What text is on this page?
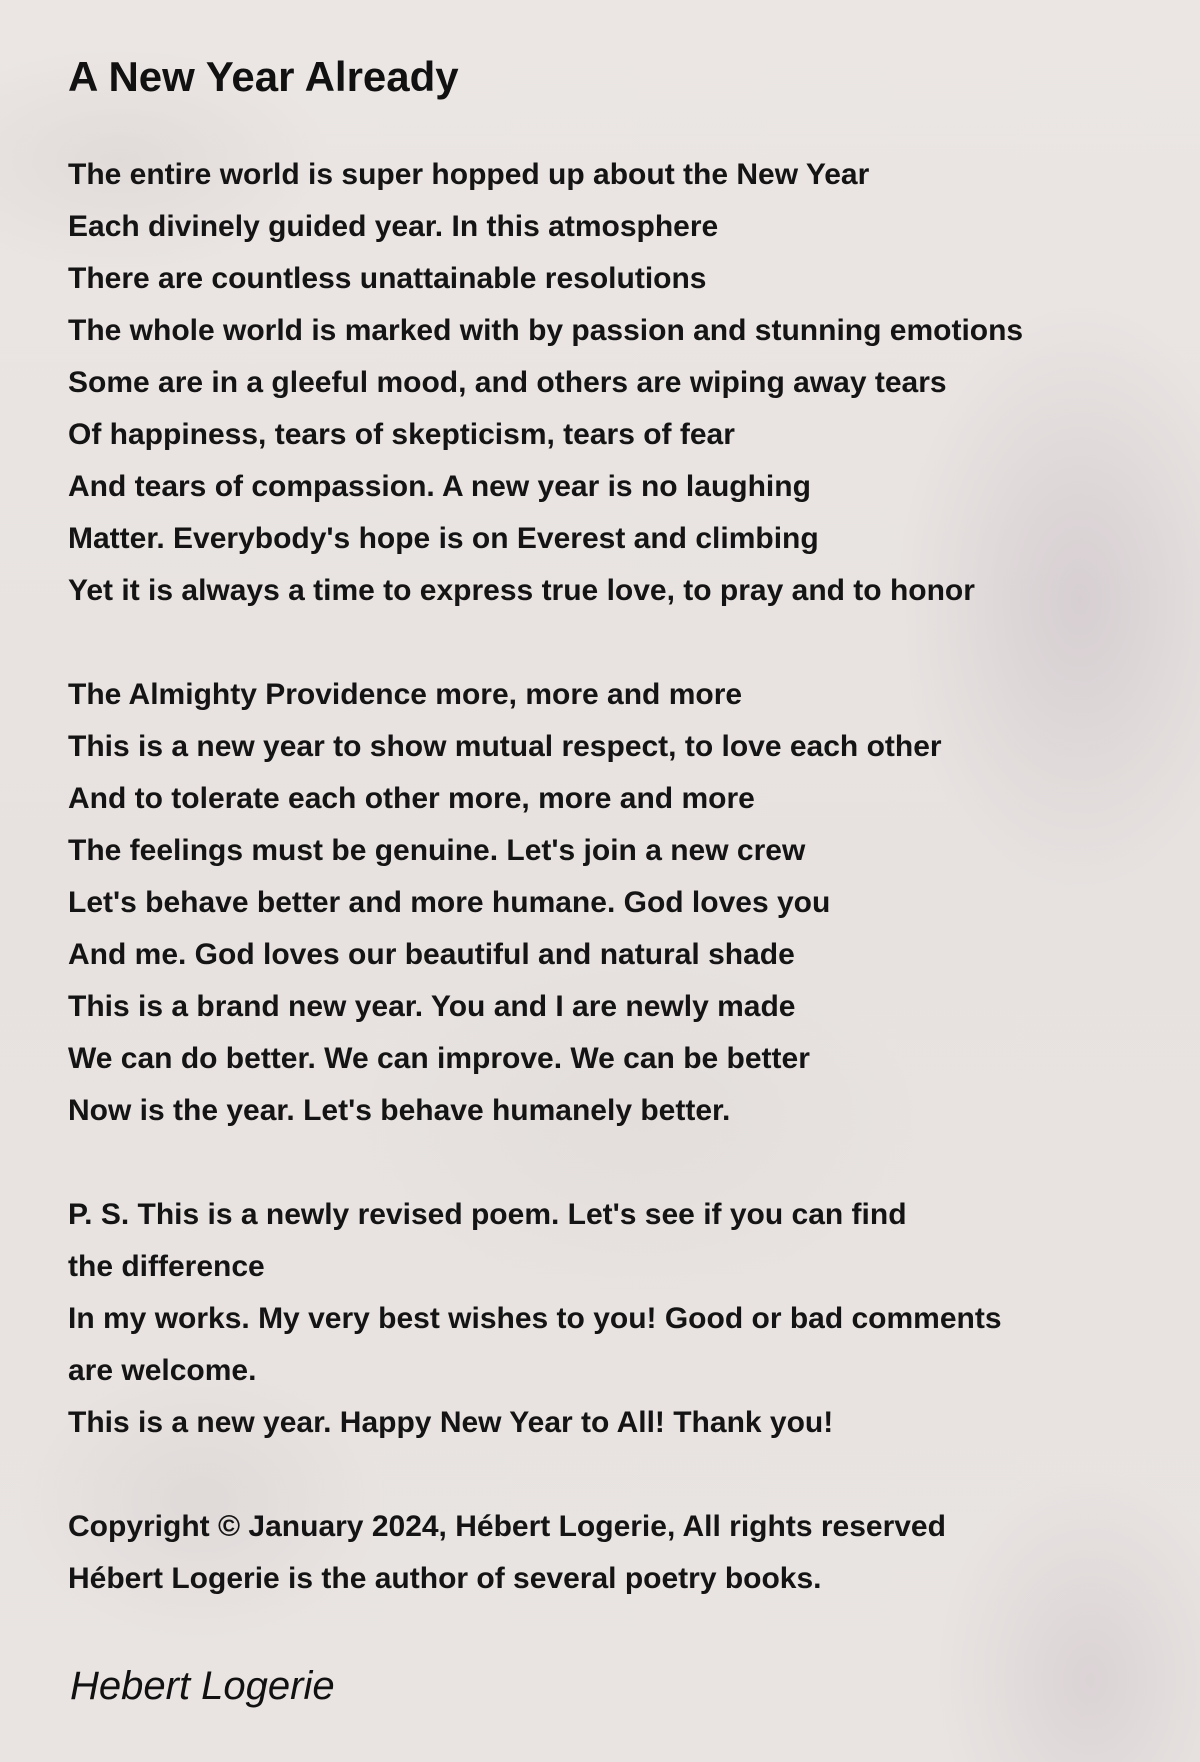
A New Year Already
The entire world is super hopped up about the New Year
Each divinely guided year. In this atmosphere
There are countless unattainable resolutions
The whole world is marked with by passion and stunning emotions
Some are in a gleeful mood, and others are wiping away tears
Of happiness, tears of skepticism, tears of fear
And tears of compassion. A new year is no laughing
Matter. Everybody's hope is on Everest and climbing
Yet it is always a time to express true love, to pray and to honor
The Almighty Providence more, more and more
This is a new year to show mutual respect, to love each other
And to tolerate each other more, more and more
The feelings must be genuine. Let's join a new crew
Let's behave better and more humane. God loves you
And me. God loves our beautiful and natural shade
This is a brand new year. You and I are newly made
We can do better. We can improve. We can be better
Now is the year. Let's behave humanely better.
P. S. This is a newly revised poem. Let's see if you can find
the difference
In my works. My very best wishes to you! Good or bad comments
are welcome.
This is a new year. Happy New Year to All! Thank you!
Copyright © January 2024, Hébert Logerie, All rights reserved
Hébert Logerie is the author of several poetry books.
Hebert Logerie
